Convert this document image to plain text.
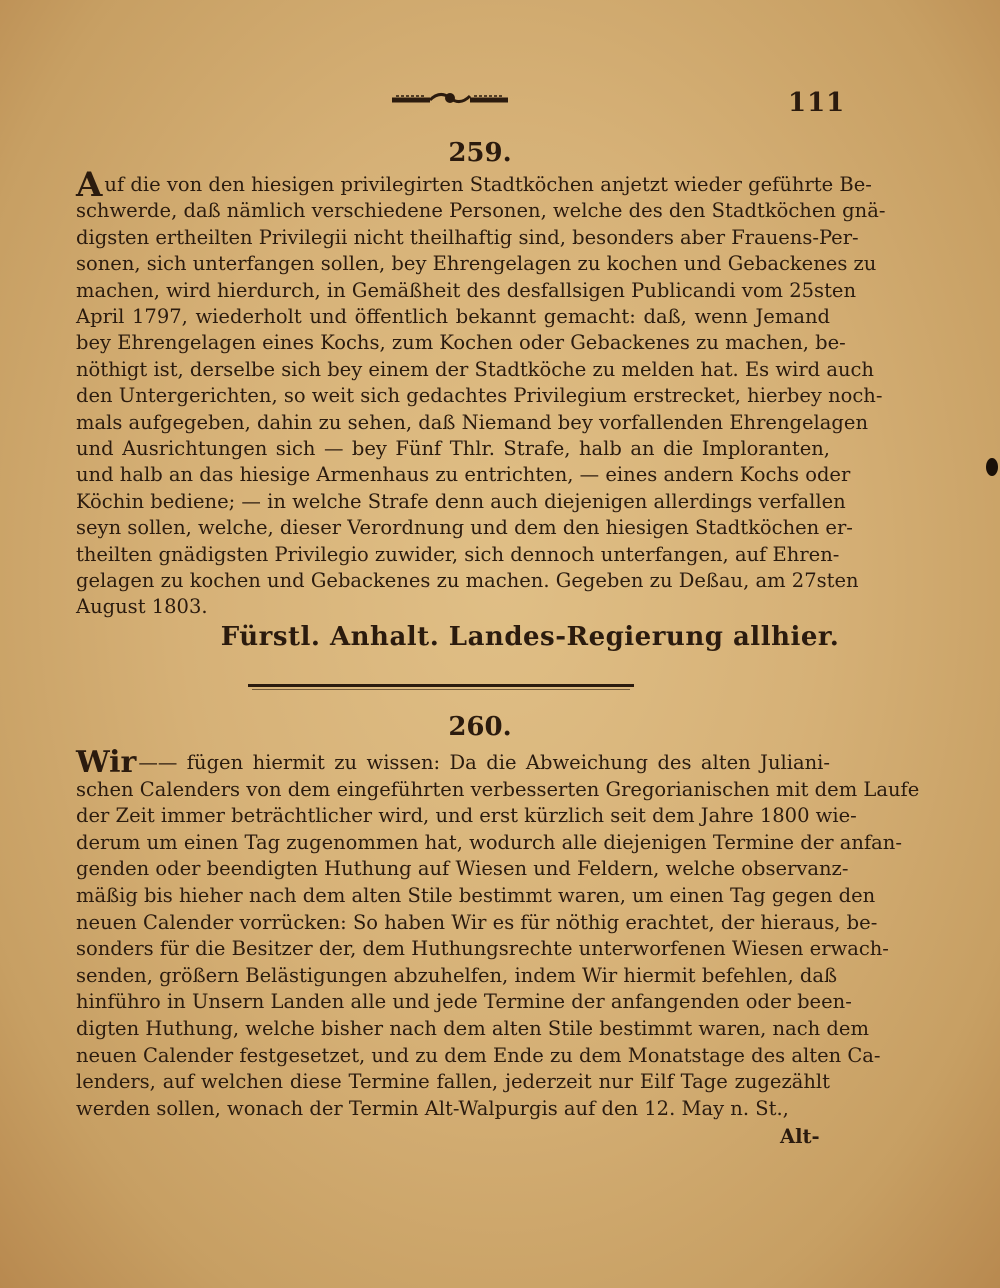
111
259.
A uf die von den hiesigen privilegirten Stadtköchen anjetzt wieder geführte Be-
schwerde, daß nämlich verschiedene Personen, welche des den Stadtköchen gnä-
digsten ertheilten Privilegii nicht theilhaftig sind, besonders aber Frauens-Per-
sonen, sich unterfangen sollen, bey Ehrengelagen zu kochen und Gebackenes zu
machen, wird hierdurch, in Gemäßheit des desfallsigen Publicandi vom 25sten
April 1797, wiederholt und öffentlich bekannt gemacht: daß, wenn Jemand
bey Ehrengelagen eines Kochs, zum Kochen oder Gebackenes zu machen, be-
nöthigt ist, derselbe sich bey einem der Stadtköche zu melden hat. Es wird auch
den Untergerichten, so weit sich gedachtes Privilegium erstrecket, hierbey noch-
mals aufgegeben, dahin zu sehen, daß Niemand bey vorfallenden Ehrengelagen
und Ausrichtungen sich — bey Fünf Thlr. Strafe, halb an die Imploranten,
und halb an das hiesige Armenhaus zu entrichten, — eines andern Kochs oder
Köchin bediene; — in welche Strafe denn auch diejenigen allerdings verfallen
seyn sollen, welche, dieser Verordnung und dem den hiesigen Stadtköchen er-
theilten gnädigsten Privilegio zuwider, sich dennoch unterfangen, auf Ehren-
gelagen zu kochen und Gebackenes zu machen. Gegeben zu Deßau, am 27sten
August 1803.
Fürstl. Anhalt. Landes-Regierung allhier.
260.
Wir —— fügen hiermit zu wissen: Da die Abweichung des alten Juliani-
schen Calenders von dem eingeführten verbesserten Gregorianischen mit dem Laufe
der Zeit immer beträchtlicher wird, und erst kürzlich seit dem Jahre 1800 wie-
derum um einen Tag zugenommen hat, wodurch alle diejenigen Termine der anfan-
genden oder beendigten Huthung auf Wiesen und Feldern, welche observanz-
mäßig bis hieher nach dem alten Stile bestimmt waren, um einen Tag gegen den
neuen Calender vorrücken: So haben Wir es für nöthig erachtet, der hieraus, be-
sonders für die Besitzer der, dem Huthungsrechte unterworfenen Wiesen erwach-
senden, größern Belästigungen abzuhelfen, indem Wir hiermit befehlen, daß
hinführo in Unsern Landen alle und jede Termine der anfangenden oder been-
digten Huthung, welche bisher nach dem alten Stile bestimmt waren, nach dem
neuen Calender festgesetzet, und zu dem Ende zu dem Monatstage des alten Ca-
lenders, auf welchen diese Termine fallen, jederzeit nur Eilf Tage zugezählt
werden sollen, wonach der Termin Alt-Walpurgis auf den 12. May n. St.,
Alt-
